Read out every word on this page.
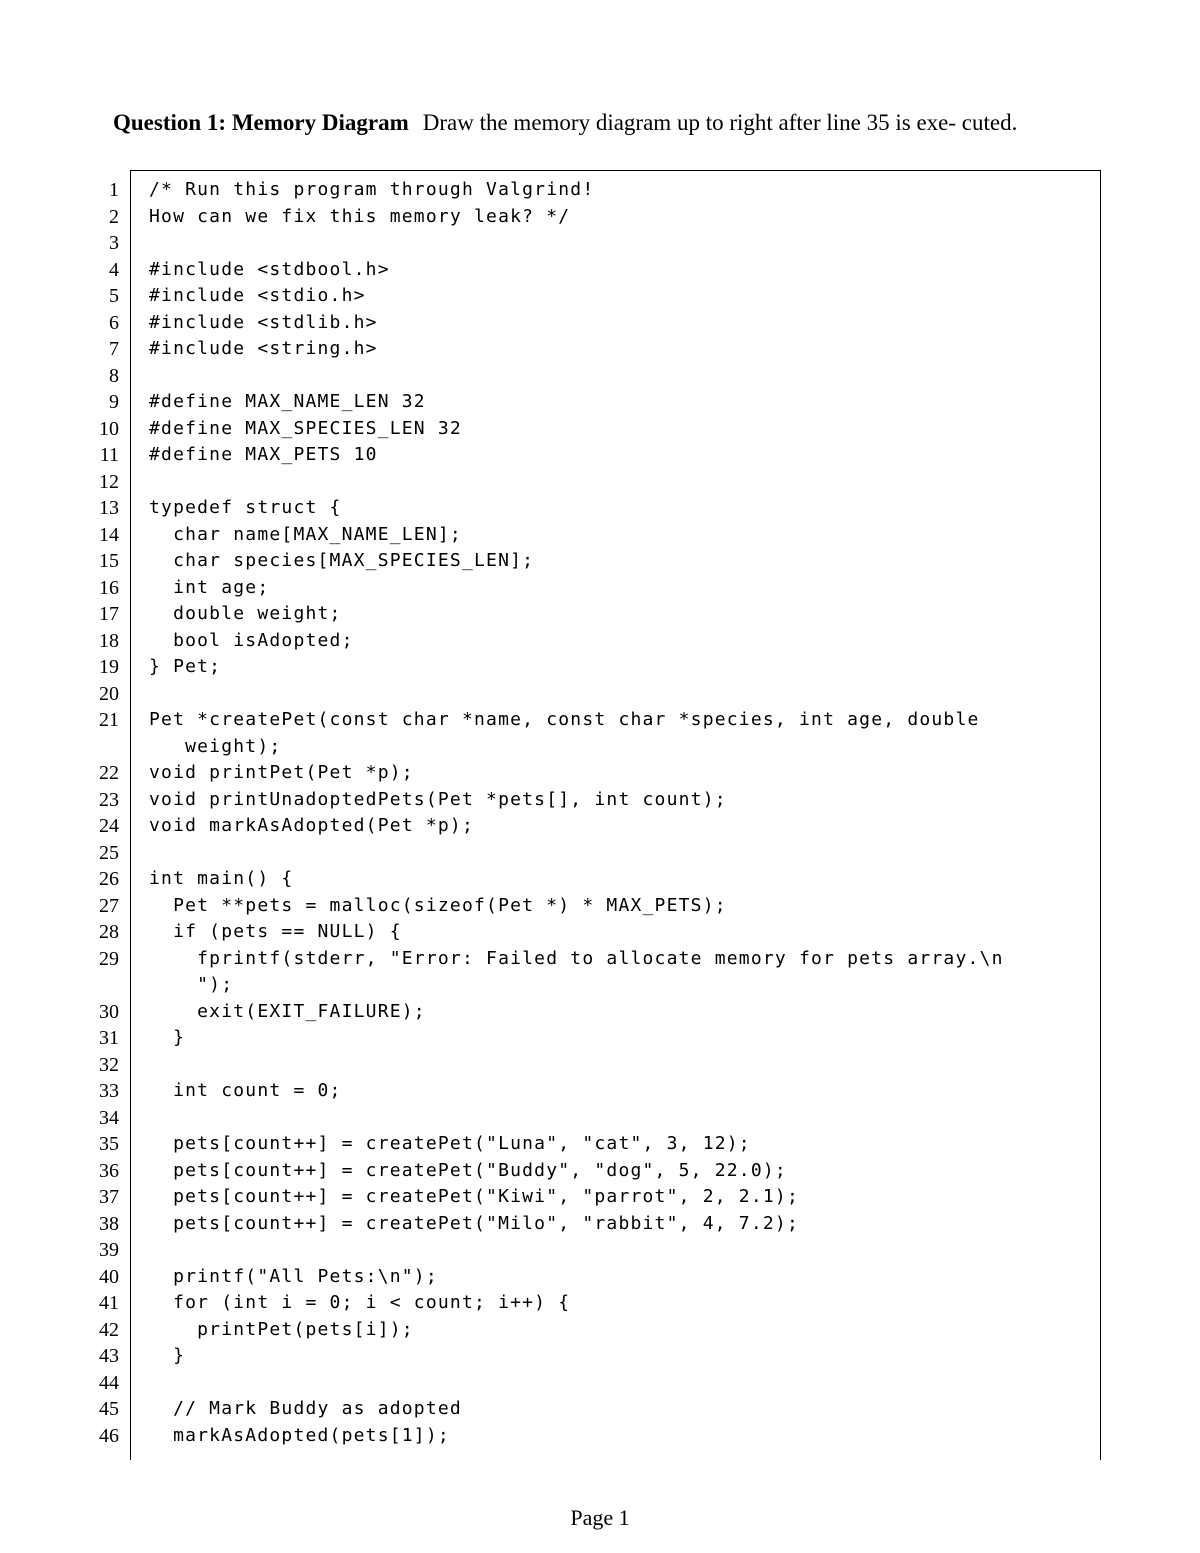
Question 1: Memory Diagram Draw the memory diagram up to right after line 35 is exe- cuted.
1 /* Run this program through Valgrind!
2 How can we fix this memory leak? */
3
4 #include <stdbool.h>
5 #include <stdio.h>
6 #include <stdlib.h>
7 #include <string.h>
8
9 #define MAX_NAME_LEN 32
10 #define MAX_SPECIES_LEN 32
11 #define MAX_PETS 10
12
13 typedef struct {
14 char name[MAX_NAME_LEN];
15 char species[MAX_SPECIES_LEN];
16 int age;
17 double weight;
18 bool isAdopted;
19 } Pet;
20
21 Pet *createPet(const char *name, const char *species, int age, double
weight);
22 void printPet(Pet *p);
23 void printUnadoptedPets(Pet *pets[], int count);
24 void markAsAdopted(Pet *p);
25
26 int main() {
27 Pet **pets = malloc(sizeof(Pet *) * MAX_PETS);
28 if (pets == NULL) {
29 fprintf(stderr, "Error: Failed to allocate memory for pets array.\n
");
30 exit(EXIT_FAILURE);
31 }
32
33 int count = 0;
34
35 pets[count++] = createPet("Luna", "cat", 3, 12);
36 pets[count++] = createPet("Buddy", "dog", 5, 22.0);
37 pets[count++] = createPet("Kiwi", "parrot", 2, 2.1);
38 pets[count++] = createPet("Milo", "rabbit", 4, 7.2);
39
40 printf("All Pets:\n");
41 for (int i = 0; i < count; i++) {
42 printPet(pets[i]);
43 }
44
45 // Mark Buddy as adopted
46 markAsAdopted(pets[1]);
Page 1
